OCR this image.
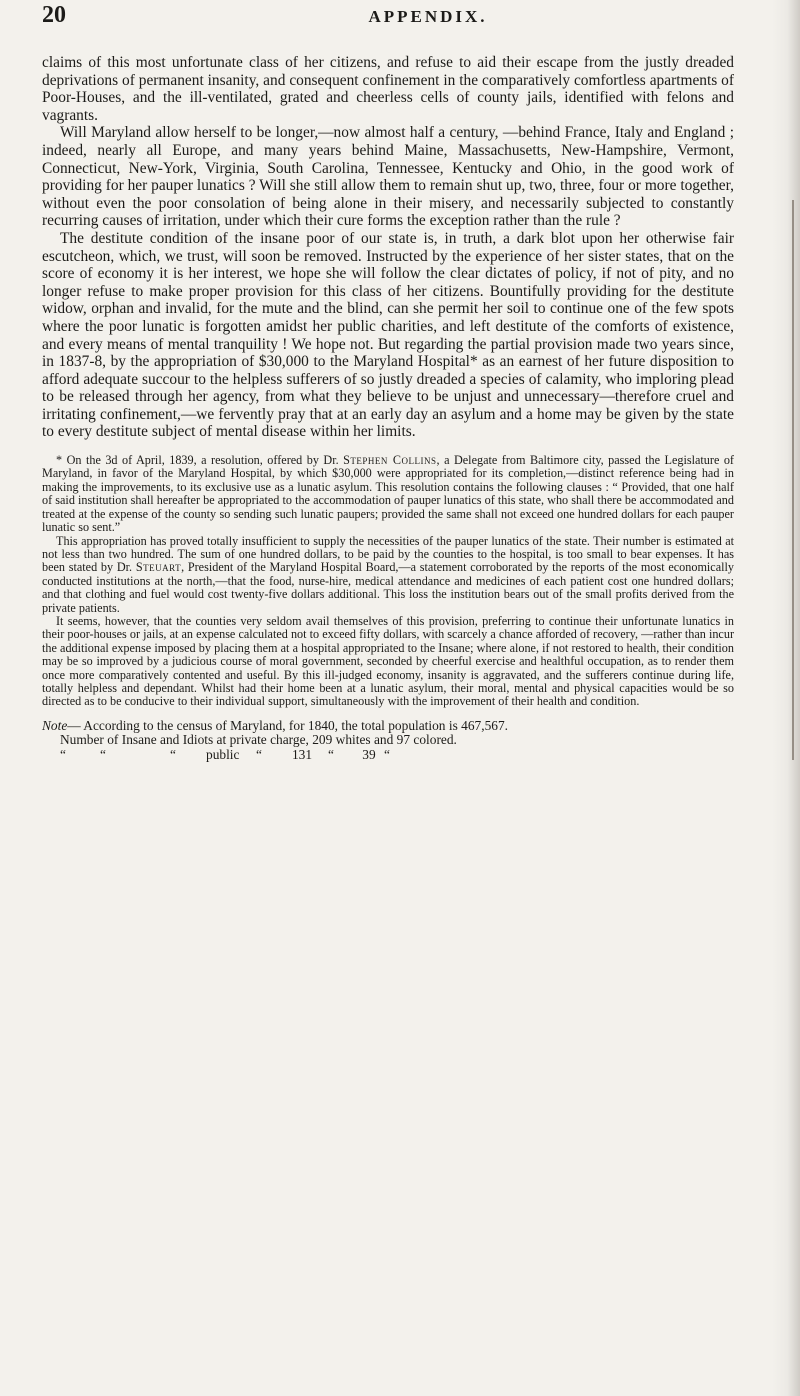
20	APPENDIX.

claims of this most unfortunate class of her citizens, and refuse to aid their escape from the justly dreaded deprivations of permanent insanity, and consequent confinement in the comparatively comfortless apartments of Poor-Houses, and the ill-ventilated, grated and cheerless cells of county jails, identified with felons and vagrants.

Will Maryland allow herself to be longer,—now almost half a century, —behind France, Italy and England ; indeed, nearly all Europe, and many years behind Maine, Massachusetts, New-Hampshire, Vermont, Connecticut, New-York, Virginia, South Carolina, Tennessee, Kentucky and Ohio, in the good work of providing for her pauper lunatics ? Will she still allow them to remain shut up, two, three, four or more together, without even the poor consolation of being alone in their misery, and necessarily subjected to constantly recurring causes of irritation, under which their cure forms the exception rather than the rule ?

The destitute condition of the insane poor of our state is, in truth, a dark blot upon her otherwise fair escutcheon, which, we trust, will soon be removed. Instructed by the experience of her sister states, that on the score of economy it is her interest, we hope she will follow the clear dictates of policy, if not of pity, and no longer refuse to make proper provision for this class of her citizens. Bountifully providing for the destitute widow, orphan and invalid, for the mute and the blind, can she permit her soil to continue one of the few spots where the poor lunatic is forgotten amidst her public charities, and left destitute of the comforts of existence, and every means of mental tranquility ! We hope not. But regarding the partial provision made two years since, in 1837-8, by the appropriation of $30,000 to the Maryland Hospital* as an earnest of her future disposition to afford adequate succour to the helpless sufferers of so justly dreaded a species of calamity, who imploring plead to be released through her agency, from what they believe to be unjust and unnecessary—therefore cruel and irritating confinement,—we fervently pray that at an early day an asylum and a home may be given by the state to every destitute subject of mental disease within her limits.

* On the 3d of April, 1839, a resolution, offered by Dr. Stephen Collins, a Delegate from Baltimore city, passed the Legislature of Maryland, in favor of the Maryland Hospital, by which $30,000 were appropriated for its completion,—distinct reference being had in making the improvements, to its exclusive use as a lunatic asylum. This resolution contains the following clauses : “ Provided, that one half of said institution shall hereafter be appropriated to the accommodation of pauper lunatics of this state, who shall there be accommodated and treated at the expense of the county so sending such lunatic paupers; provided the same shall not exceed one hundred dollars for each pauper lunatic so sent.”

This appropriation has proved totally insufficient to supply the necessities of the pauper lunatics of the state. Their number is estimated at not less than two hundred. The sum of one hundred dollars, to be paid by the counties to the hospital, is too small to bear expenses. It has been stated by Dr. Steuart, President of the Maryland Hospital Board,—a statement corroborated by the reports of the most economically conducted institutions at the north,—that the food, nurse-hire, medical attendance and medicines of each patient cost one hundred dollars; and that clothing and fuel would cost twenty-five dollars additional. This loss the institution bears out of the small profits derived from the private patients.

It seems, however, that the counties very seldom avail themselves of this provision, preferring to continue their unfortunate lunatics in their poor-houses or jails, at an expense calculated not to exceed fifty dollars, with scarcely a chance afforded of recovery, —rather than incur the additional expense imposed by placing them at a hospital appropriated to the Insane; where alone, if not restored to health, their condition may be so improved by a judicious course of moral government, seconded by cheerful exercise and healthful occupation, as to render them once more comparatively contented and useful. By this ill-judged economy, insanity is aggravated, and the sufferers continue during life, totally helpless and dependant. Whilst had their home been at a lunatic asylum, their moral, mental and physical capacities would be so directed as to be conducive to their individual support, simultaneously with the improvement of their health and condition.

Note — According to the census of Maryland, for 1840, the total population is 467,567.
Number of Insane and Idiots at private charge, 209 whites and 97 colored.
“	“	“	public	“	131	“	39 “
